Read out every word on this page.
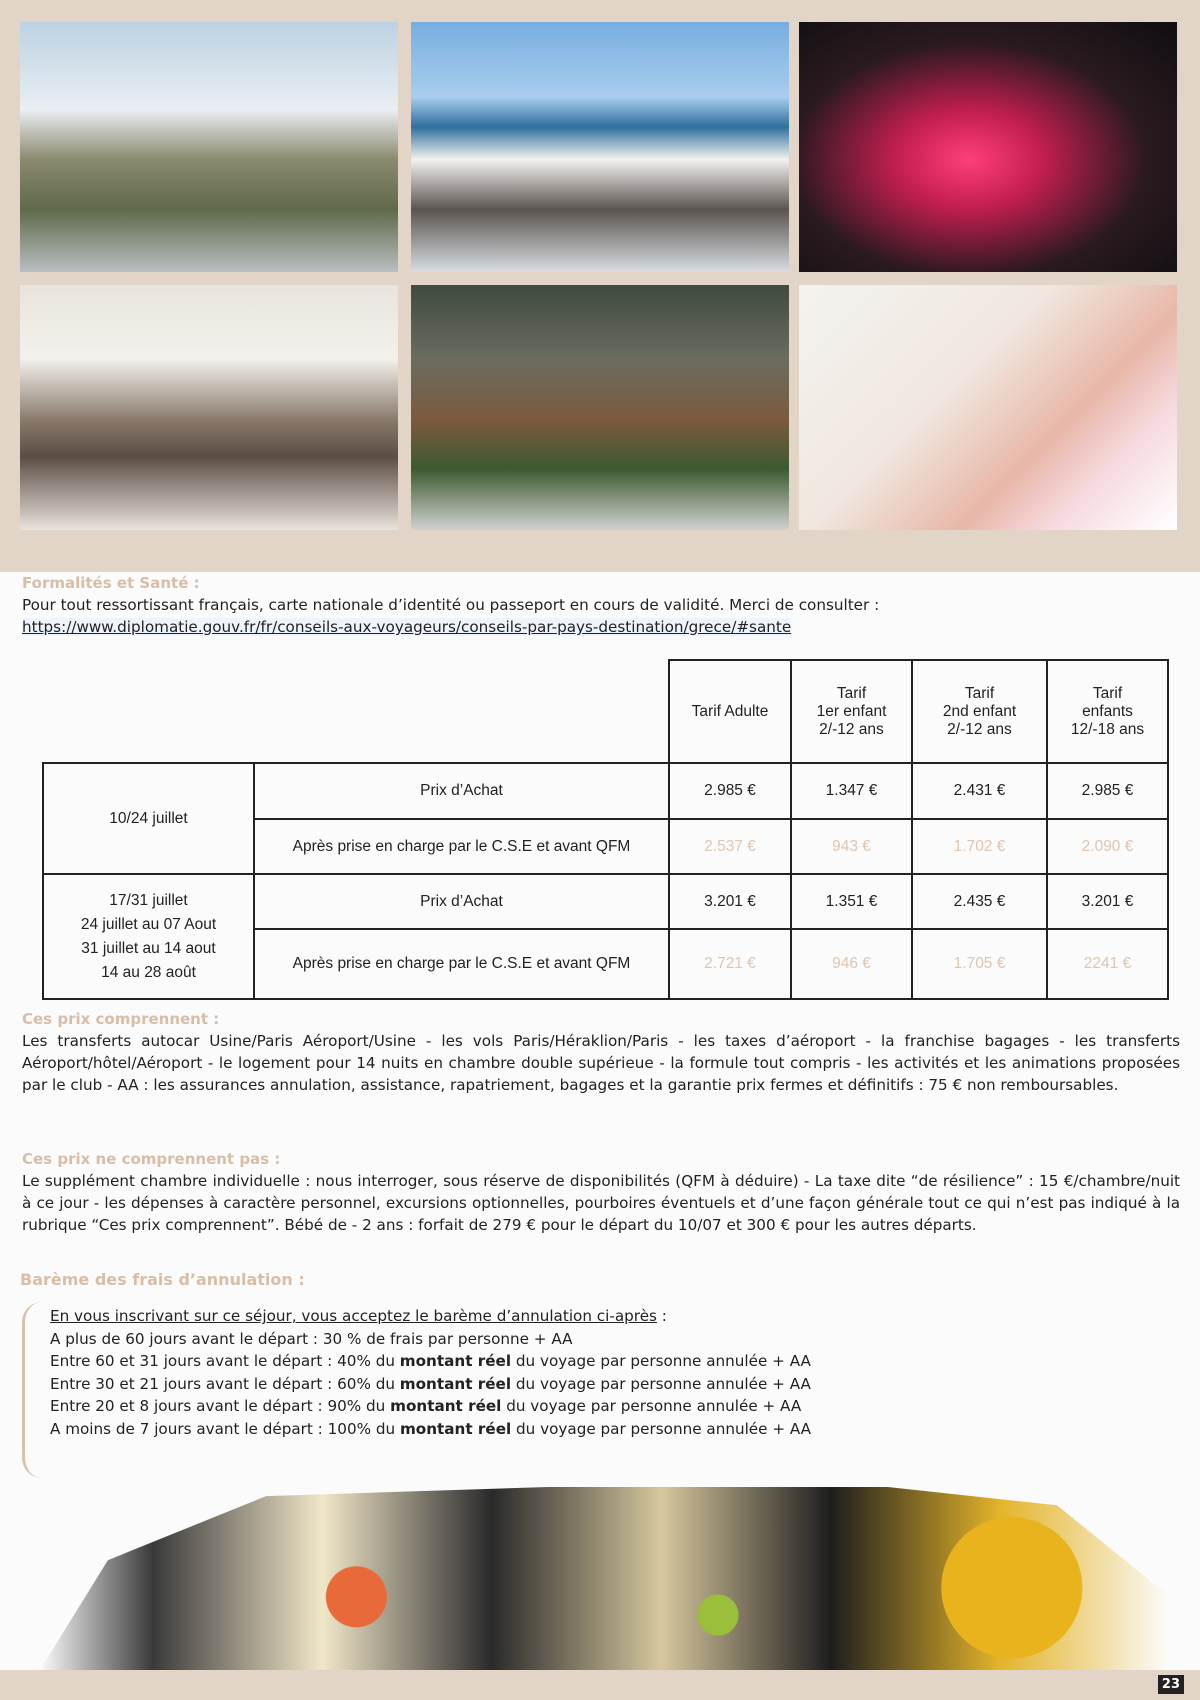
Formalités et Santé :
Pour tout ressortissant français, carte nationale d’identité ou passeport en cours de validité. Merci de consulter :
https://www.diplomatie.gouv.fr/fr/conseils-aux-voyageurs/conseils-par-pays-destination/grece/#sante
		Tarif Adulte	Tarif
1er enfant
2/-12 ans	Tarif
2nd enfant
2/-12 ans	Tarif
enfants
12/-18 ans
10/24 juillet	Prix d’Achat	2.985 €	1.347 €	2.431 €	2.985 €
	Après prise en charge par le C.S.E et avant QFM	2.537 €	943 €	1.702 €	2.090 €
17/31 juillet
24 juillet au 07 Aout
31 juillet au 14 aout
14 au 28 août	Prix d’Achat	3.201 €	1.351 €	2.435 €	3.201 €
	Après prise en charge par le C.S.E et avant QFM	2.721 €	946 €	1.705 €	2241 €
Ces prix comprennent :
Les transferts autocar Usine/Paris Aéroport/Usine - les vols Paris/Héraklion/Paris - les taxes d’aéroport - la franchise bagages - les transferts Aéroport/hôtel/Aéroport - le logement pour 14 nuits en chambre double supérieue - la formule tout compris - les activités et les animations proposées par le club - AA : les assurances annulation, assistance, rapatriement, bagages et la garantie prix fermes et définitifs : 75 € non remboursables.
Ces prix ne comprennent pas :
Le supplément chambre individuelle : nous interroger, sous réserve de disponibilités (QFM à déduire) - La taxe dite “de résilience” : 15 €/chambre/nuit à ce jour - les dépenses à caractère personnel, excursions optionnelles, pourboires éventuels et d’une façon générale tout ce qui n’est pas indiqué à la rubrique “Ces prix comprennent”. Bébé de - 2 ans : forfait de 279 € pour le départ du 10/07 et 300 € pour les autres départs.
Barème des frais d’annulation :
En vous inscrivant sur ce séjour, vous acceptez le barème d’annulation ci-après :
A plus de 60 jours avant le départ : 30 % de frais par personne + AA
Entre 60 et 31 jours avant le départ : 40% du montant réel du voyage par personne annulée + AA
Entre 30 et 21 jours avant le départ : 60% du montant réel du voyage par personne annulée + AA
Entre 20 et 8 jours avant le départ : 90% du montant réel du voyage par personne annulée + AA
A moins de 7 jours avant le départ : 100% du montant réel du voyage par personne annulée + AA
23
